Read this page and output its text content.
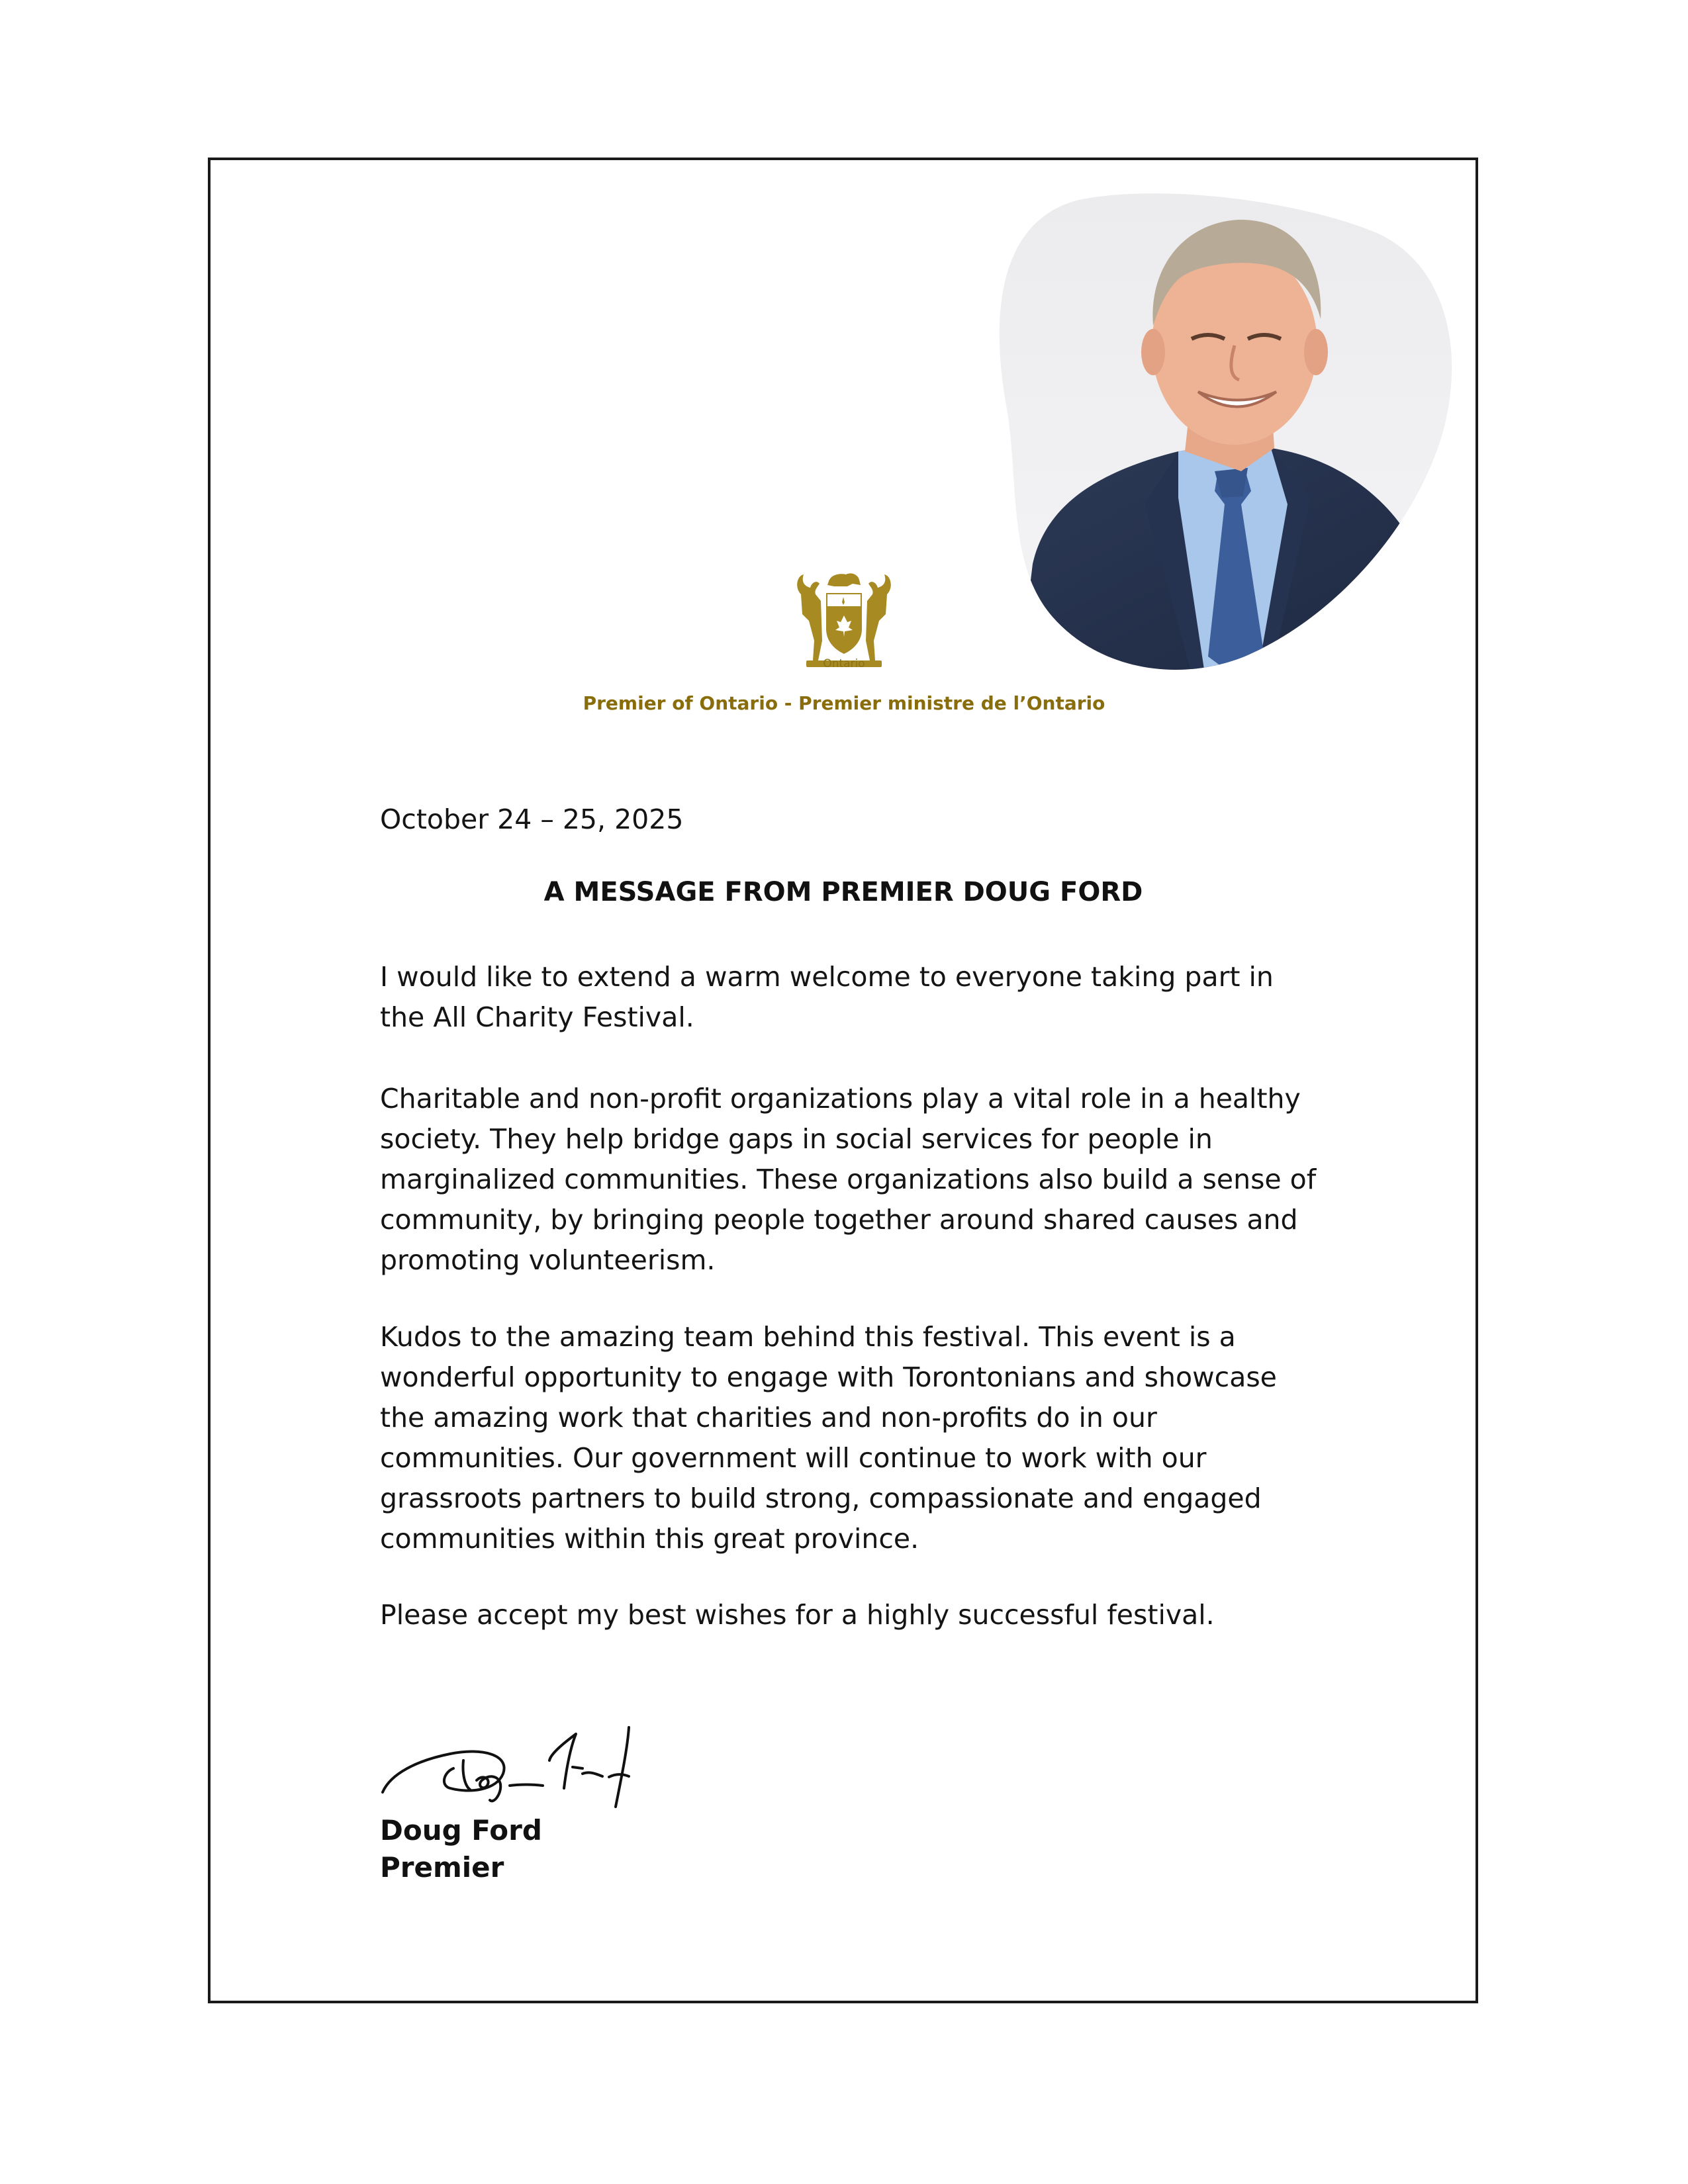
Ontario
Premier of Ontario - Premier ministre de l’Ontario
October 24 – 25, 2025
A MESSAGE FROM PREMIER DOUG FORD
I would like to extend a warm welcome to everyone taking part in the All Charity Festival.
Charitable and non-profit organizations play a vital role in a healthy society. They help bridge gaps in social services for people in marginalized communities. These organizations also build a sense of community, by bringing people together around shared causes and promoting volunteerism.
Kudos to the amazing team behind this festival. This event is a wonderful opportunity to engage with Torontonians and showcase the amazing work that charities and non-profits do in our communities. Our government will continue to work with our grassroots partners to build strong, compassionate and engaged communities within this great province.
Please accept my best wishes for a highly successful festival.
Doug Ford
Premier
